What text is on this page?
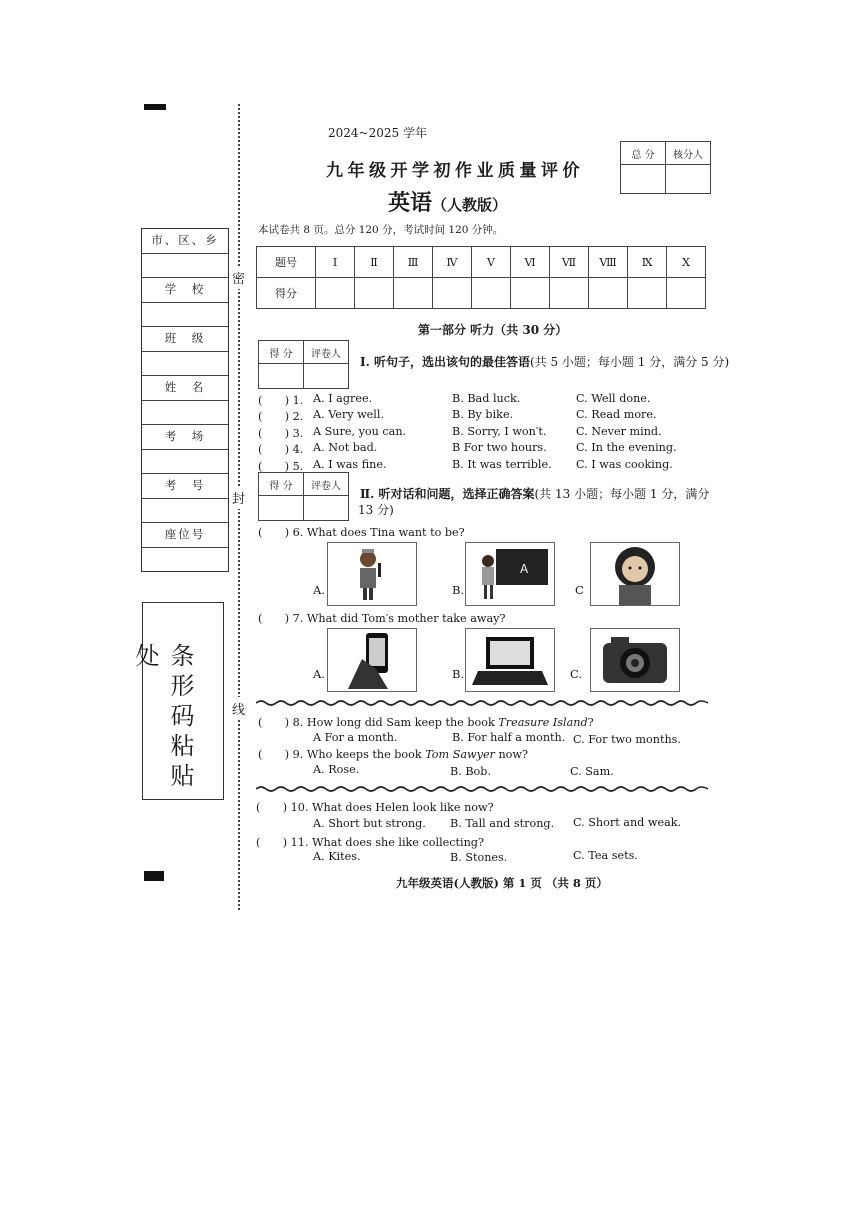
密
封
线
市、区、乡
学　校
班　级
姓　名
考　场
考　号
座位号
条形码粘贴处
2024~2025 学年
九年级开学初作业质量评价
英语（人教版）
本试卷共 8 页。总分 120 分，考试时间 120 分钟。
总 分	核分人

题号	Ⅰ	Ⅱ	Ⅲ	Ⅳ	Ⅴ	Ⅵ	Ⅶ	Ⅷ	Ⅸ	Ⅹ
得分										
第一部分 听力（共 30 分）
得 分	评卷人

Ⅰ. 听句子，选出该句的最佳答语(共 5 小题；每小题 1 分，满分 5 分)
(　　) 1. A. I agree.	B. Bad luck.	C. Well done.
(　　) 2. A. Very well.	B. By bike.	C. Read more.
(　　) 3. A Sure, you can.	B. Sorry, I won′t.	C. Never mind.
(　　) 4. A. Not bad.	B For two hours.	C. In the evening.
(　　) 5. A. I was fine.	B. It was terrible. C. I was cooking.
得 分	评卷人

Ⅱ. 听对话和问题，选择正确答案(共 13 小题；每小题 1 分，满分
13 分)
(　　) 6. What does Tina want to be?
A.	B.
A
C
(　　) 7. What did Tom′s mother take away?
A.	B.	C.
(　　) 8. How long did Sam keep the book Treasure Island?
A For a month.	B. For half a month. C. For two months.
(　　) 9. Who keeps the book Tom Sawyer now?
A. Rose.	B. Bob.	C. Sam.
(　　) 10. What does Helen look like now?
A. Short but strong. B. Tall and strong. C. Short and weak.
(　　) 11. What does she like collecting?
A. Kites.	B. Stones.	C. Tea sets.
九年级英语(人教版) 第 1 页 （共 8 页）
